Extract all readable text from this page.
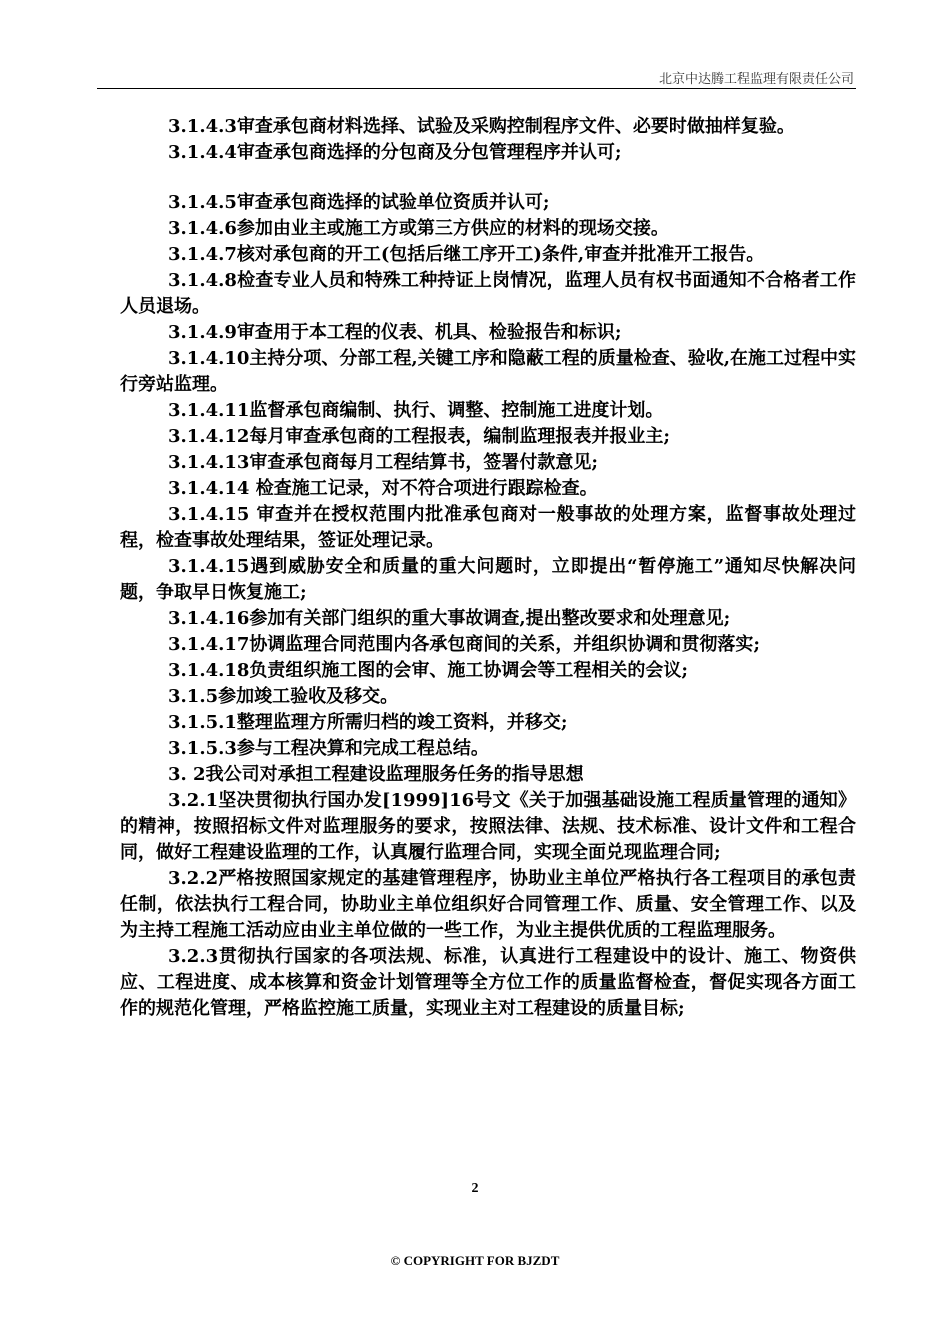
北京中达腾工程监理有限责任公司

3.1.4.3审查承包商材料选择、试验及采购控制程序文件、必要时做抽样复验。

3.1.4.4审查承包商选择的分包商及分包管理程序并认可;

3.1.4.5审查承包商选择的试验单位资质并认可;

3.1.4.6参加由业主或施工方或第三方供应的材料的现场交接。

3.1.4.7核对承包商的开工(包括后继工序开工)条件,审查并批准开工报告。

3.1.4.8检查专业人员和特殊工种持证上岗情况，监理人员有权书面通知不合格者工作人员退场。

3.1.4.9审查用于本工程的仪表、机具、检验报告和标识;

3.1.4.10主持分项、分部工程,关键工序和隐蔽工程的质量检查、验收,在施工过程中实行旁站监理。

3.1.4.11监督承包商编制、执行、调整、控制施工进度计划。

3.1.4.12每月审查承包商的工程报表，编制监理报表并报业主;

3.1.4.13审查承包商每月工程结算书，签署付款意见;

3.1.4.14 检查施工记录，对不符合项进行跟踪检查。

3.1.4.15 审查并在授权范围内批准承包商对一般事故的处理方案，监督事故处理过程，检查事故处理结果，签证处理记录。

3.1.4.15遇到威胁安全和质量的重大问题时，立即提出“暂停施工”通知尽快解决问题，争取早日恢复施工;

3.1.4.16参加有关部门组织的重大事故调查,提出整改要求和处理意见;

3.1.4.17协调监理合同范围内各承包商间的关系，并组织协调和贯彻落实;

3.1.4.18负责组织施工图的会审、施工协调会等工程相关的会议;

3.1.5参加竣工验收及移交。

3.1.5.1整理监理方所需归档的竣工资料，并移交;

3.1.5.3参与工程决算和完成工程总结。

3. 2我公司对承担工程建设监理服务任务的指导思想

3.2.1坚决贯彻执行国办发[1999]16号文《关于加强基础设施工程质量管理的通知》的精神，按照招标文件对监理服务的要求，按照法律、法规、技术标准、设计文件和工程合同，做好工程建设监理的工作，认真履行监理合同，实现全面兑现监理合同;

3.2.2严格按照国家规定的基建管理程序，协助业主单位严格执行各工程项目的承包责任制，依法执行工程合同，协助业主单位组织好合同管理工作、质量、安全管理工作、以及为主持工程施工活动应由业主单位做的一些工作，为业主提供优质的工程监理服务。

3.2.3贯彻执行国家的各项法规、标准，认真进行工程建设中的设计、施工、物资供应、工程进度、成本核算和资金计划管理等全方位工作的质量监督检查，督促实现各方面工作的规范化管理，严格监控施工质量，实现业主对工程建设的质量目标;

2
© COPYRIGHT FOR BJZDT
